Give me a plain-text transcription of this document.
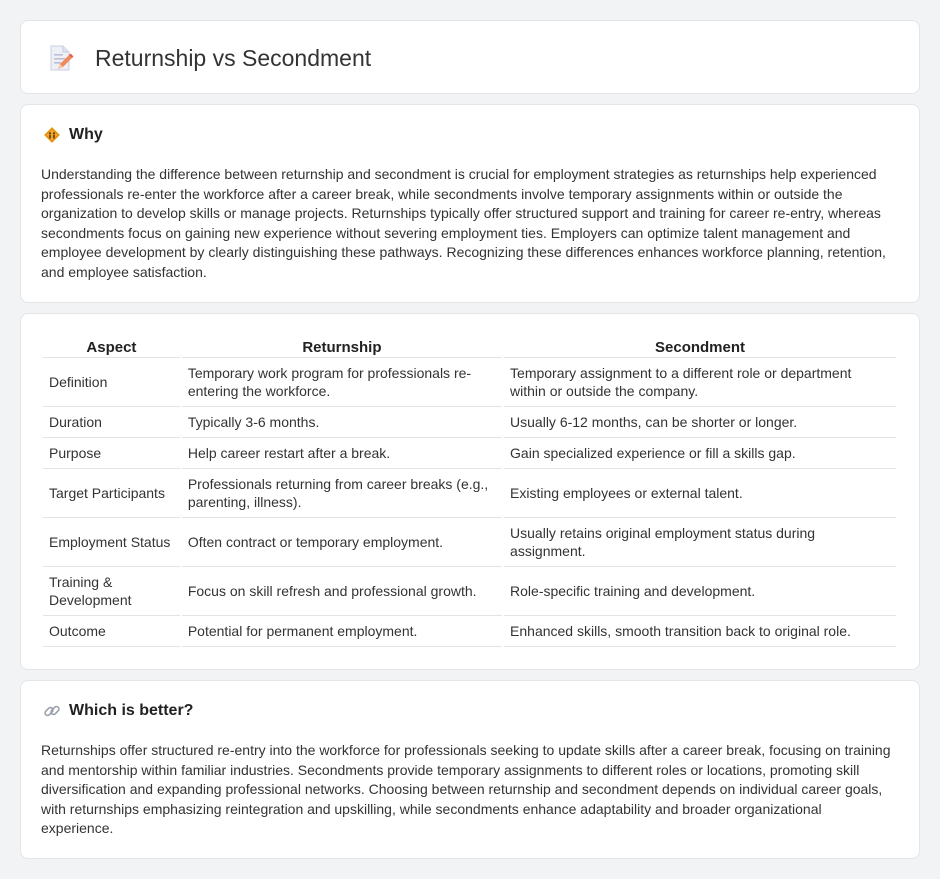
Returnship vs Secondment
Why

Understanding the difference between returnship and secondment is crucial for employment strategies as returnships help experienced professionals re-enter the workforce after a career break, while secondments involve temporary assignments within or outside the organization to develop skills or manage projects. Returnships typically offer structured support and training for career re-entry, whereas secondments focus on gaining new experience without severing employment ties. Employers can optimize talent management and employee development by clearly distinguishing these pathways. Recognizing these differences enhances workforce planning, retention, and employee satisfaction.

Aspect	Returnship	Secondment
Definition	Temporary work program for professionals re-entering the workforce.	Temporary assignment to a different role or department within or outside the company.
Duration	Typically 3-6 months.	Usually 6-12 months, can be shorter or longer.
Purpose	Help career restart after a break.	Gain specialized experience or fill a skills gap.
Target Participants	Professionals returning from career breaks (e.g., parenting, illness).	Existing employees or external talent.
Employment Status	Often contract or temporary employment.	Usually retains original employment status during assignment.
Training & Development	Focus on skill refresh and professional growth.	Role-specific training and development.
Outcome	Potential for permanent employment.	Enhanced skills, smooth transition back to original role.
Which is better?

Returnships offer structured re-entry into the workforce for professionals seeking to update skills after a career break, focusing on training and mentorship within familiar industries. Secondments provide temporary assignments to different roles or locations, promoting skill diversification and expanding professional networks. Choosing between returnship and secondment depends on individual career goals, with returnships emphasizing reintegration and upskilling, while secondments enhance adaptability and broader organizational experience.
